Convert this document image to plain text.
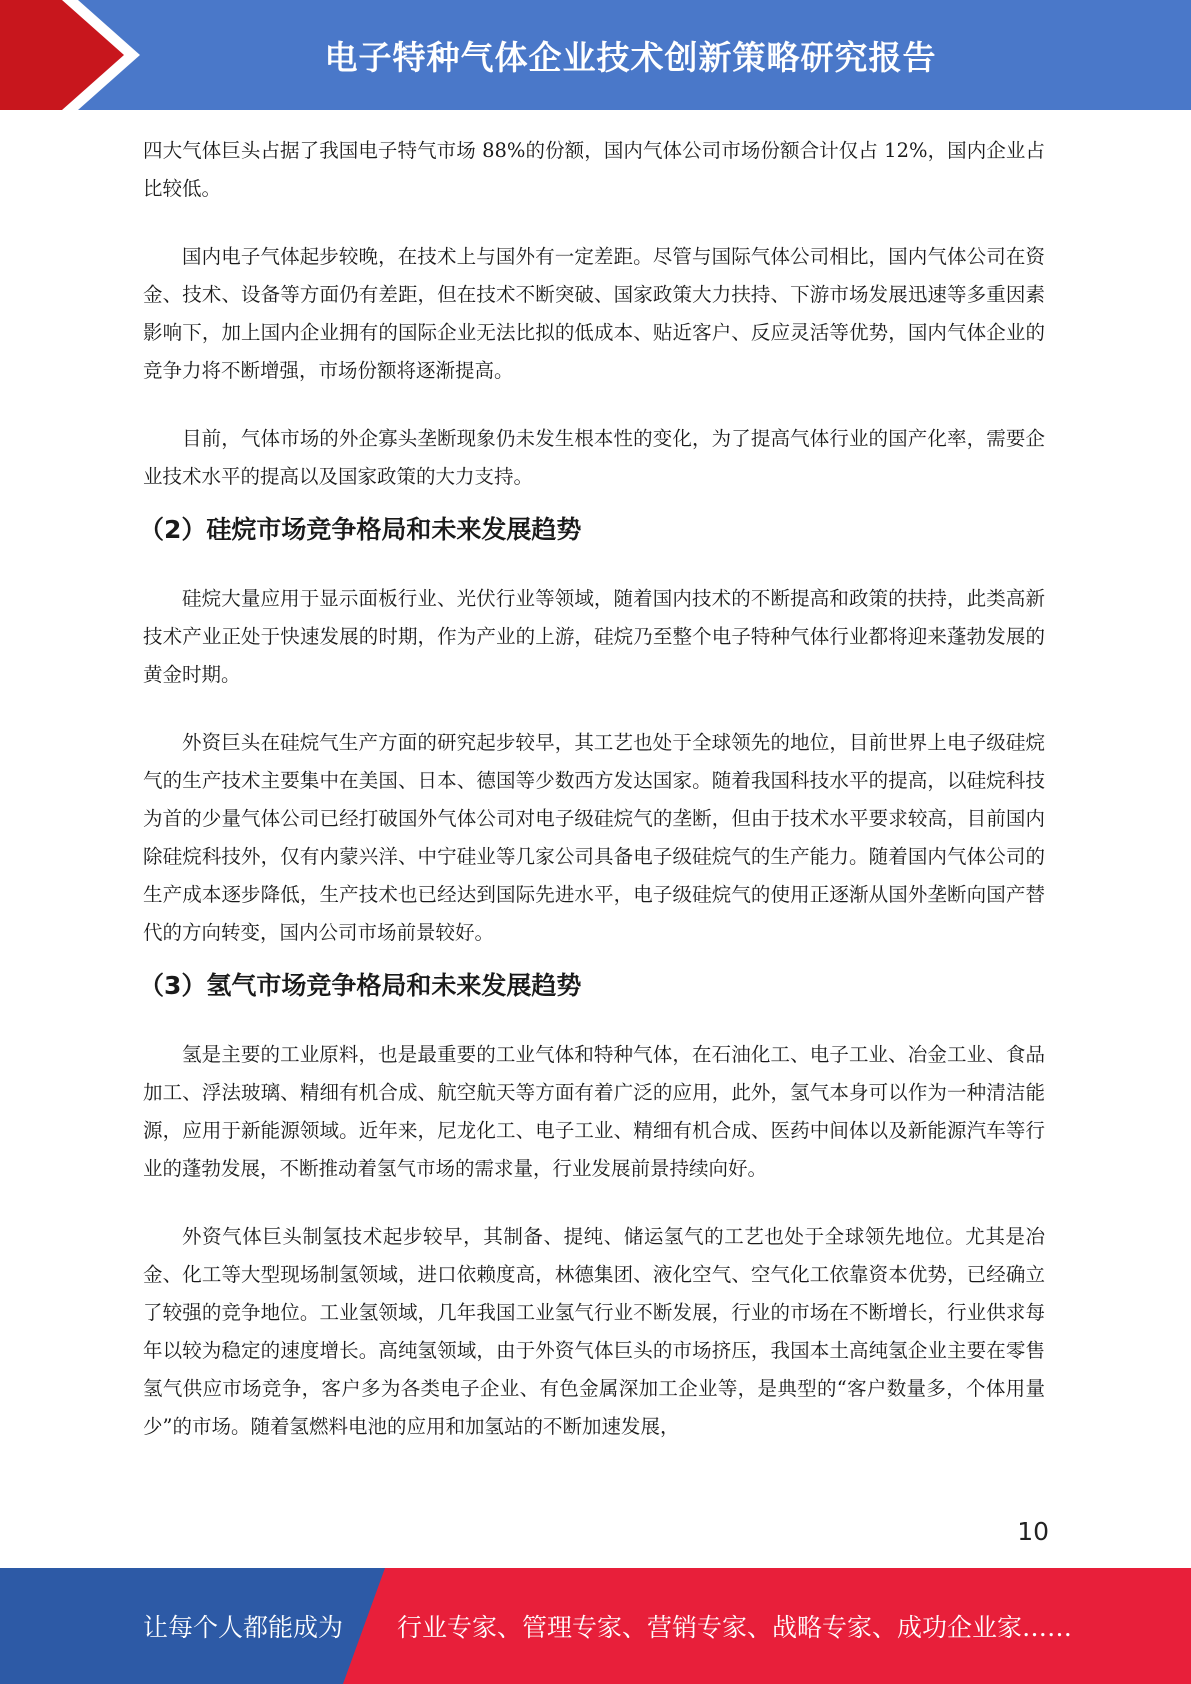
电子特种气体企业技术创新策略研究报告

四大气体巨头占据了我国电子特气市场 88%的份额，国内气体公司市场份额合计仅占 12%，国内企业占比较低。

国内电子气体起步较晚，在技术上与国外有一定差距。尽管与国际气体公司相比，国内气体公司在资金、技术、设备等方面仍有差距，但在技术不断突破、国家政策大力扶持、下游市场发展迅速等多重因素影响下，加上国内企业拥有的国际企业无法比拟的低成本、贴近客户、反应灵活等优势，国内气体企业的竞争力将不断增强，市场份额将逐渐提高。

目前，气体市场的外企寡头垄断现象仍未发生根本性的变化，为了提高气体行业的国产化率，需要企业技术水平的提高以及国家政策的大力支持。

（2）硅烷市场竞争格局和未来发展趋势

硅烷大量应用于显示面板行业、光伏行业等领域，随着国内技术的不断提高和政策的扶持，此类高新技术产业正处于快速发展的时期，作为产业的上游，硅烷乃至整个电子特种气体行业都将迎来蓬勃发展的黄金时期。

外资巨头在硅烷气生产方面的研究起步较早，其工艺也处于全球领先的地位，目前世界上电子级硅烷气的生产技术主要集中在美国、日本、德国等少数西方发达国家。随着我国科技水平的提高，以硅烷科技为首的少量气体公司已经打破国外气体公司对电子级硅烷气的垄断，但由于技术水平要求较高，目前国内除硅烷科技外，仅有内蒙兴洋、中宁硅业等几家公司具备电子级硅烷气的生产能力。随着国内气体公司的生产成本逐步降低，生产技术也已经达到国际先进水平，电子级硅烷气的使用正逐渐从国外垄断向国产替代的方向转变，国内公司市场前景较好。

（3）氢气市场竞争格局和未来发展趋势

氢是主要的工业原料，也是最重要的工业气体和特种气体，在石油化工、电子工业、冶金工业、食品加工、浮法玻璃、精细有机合成、航空航天等方面有着广泛的应用，此外，氢气本身可以作为一种清洁能源，应用于新能源领域。近年来，尼龙化工、电子工业、精细有机合成、医药中间体以及新能源汽车等行业的蓬勃发展，不断推动着氢气市场的需求量，行业发展前景持续向好。

外资气体巨头制氢技术起步较早，其制备、提纯、储运氢气的工艺也处于全球领先地位。尤其是冶金、化工等大型现场制氢领域，进口依赖度高，林德集团、液化空气、空气化工依靠资本优势，已经确立了较强的竞争地位。工业氢领域，几年我国工业氢气行业不断发展，行业的市场在不断增长，行业供求每年以较为稳定的速度增长。高纯氢领域，由于外资气体巨头的市场挤压，我国本土高纯氢企业主要在零售氢气供应市场竞争，客户多为各类电子企业、有色金属深加工企业等，是典型的“客户数量多，个体用量少”的市场。随着氢燃料电池的应用和加氢站的不断加速发展，

10
让每个人都能成为 行业专家、管理专家、营销专家、战略专家、成功企业家……
